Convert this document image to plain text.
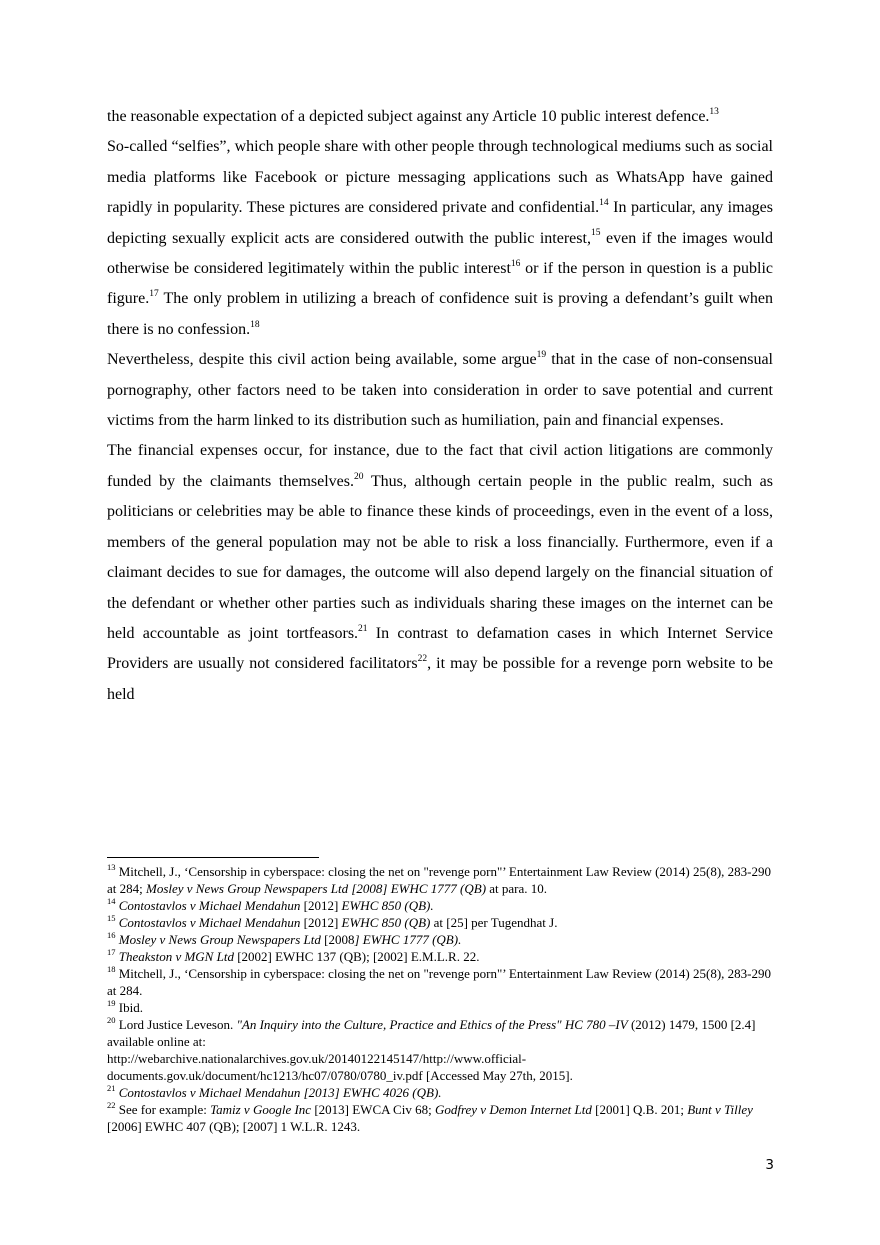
the reasonable expectation of a depicted subject against any Article 10 public interest defence.$^{13}$

So-called “selfies”, which people share with other people through technological mediums such as social media platforms like Facebook or picture messaging applications such as WhatsApp have gained rapidly in popularity. These pictures are considered private and confidential.$^{14}$ In particular, any images depicting sexually explicit acts are considered outwith the public interest,$^{15}$ even if the images would otherwise be considered legitimately within the public interest$^{16}$ or if the person in question is a public figure.$^{17}$ The only problem in utilizing a breach of confidence suit is proving a defendant’s guilt when there is no confession.$^{18}$

Nevertheless, despite this civil action being available, some argue$^{19}$ that in the case of non-consensual pornography, other factors need to be taken into consideration in order to save potential and current victims from the harm linked to its distribution such as humiliation, pain and financial expenses.

The financial expenses occur, for instance, due to the fact that civil action litigations are commonly funded by the claimants themselves.$^{20}$ Thus, although certain people in the public realm, such as politicians or celebrities may be able to finance these kinds of proceedings, even in the event of a loss, members of the general population may not be able to risk a loss financially. Furthermore, even if a claimant decides to sue for damages, the outcome will also depend largely on the financial situation of the defendant or whether other parties such as individuals sharing these images on the internet can be held accountable as joint tortfeasors.$^{21}$ In contrast to defamation cases in which Internet Service Providers are usually not considered facilitators$^{22}$, it may be possible for a revenge porn website to be held

$^{13}$ Mitchell, J., ‘Censorship in cyberspace: closing the net on "revenge porn"’ Entertainment Law Review (2014) 25(8), 283-290 at 284; Mosley v News Group Newspapers Ltd [2008] EWHC 1777 (QB) at para. 10.
$^{14}$ Contostavlos v Michael Mendahun [2012] EWHC 850 (QB).
$^{15}$ Contostavlos v Michael Mendahun [2012] EWHC 850 (QB) at [25] per Tugendhat J.
$^{16}$ Mosley v News Group Newspapers Ltd [2008] EWHC 1777 (QB).
$^{17}$ Theakston v MGN Ltd [2002] EWHC 137 (QB); [2002] E.M.L.R. 22.
$^{18}$ Mitchell, J., ‘Censorship in cyberspace: closing the net on "revenge porn"’ Entertainment Law Review (2014) 25(8), 283-290 at 284.
$^{19}$ Ibid.
$^{20}$ Lord Justice Leveson. "An Inquiry into the Culture, Practice and Ethics of the Press" HC 780 –IV (2012) 1479, 1500 [2.4] available online at:
http://webarchive.nationalarchives.gov.uk/20140122145147/http://www.official-
documents.gov.uk/document/hc1213/hc07/0780/0780_iv.pdf [Accessed May 27th, 2015].
$^{21}$ Contostavlos v Michael Mendahun [2013] EWHC 4026 (QB).
$^{22}$ See for example: Tamiz v Google Inc [2013] EWCA Civ 68; Godfrey v Demon Internet Ltd [2001] Q.B. 201; Bunt v Tilley [2006] EWHC 407 (QB); [2007] 1 W.L.R. 1243.
3
